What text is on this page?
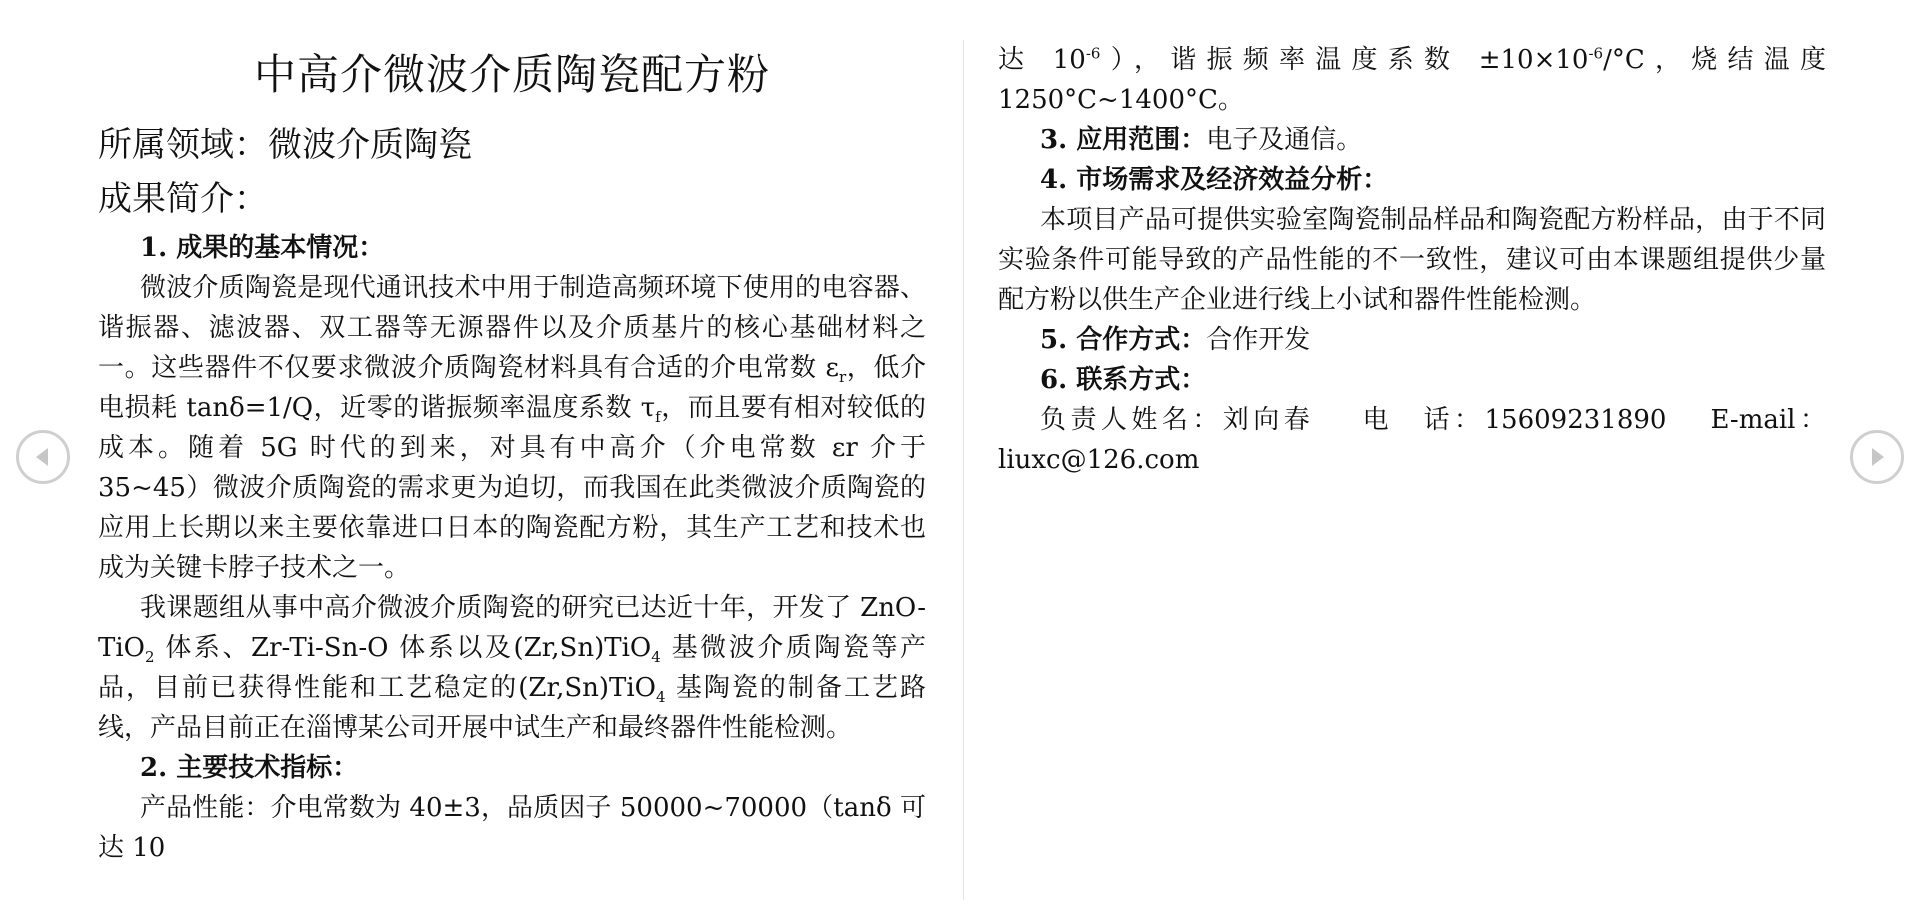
中高介微波介质陶瓷配方粉
所属领域：微波介质陶瓷
成果简介：
1. 成果的基本情况：

微波介质陶瓷是现代通讯技术中用于制造高频环境下使用的电容器、谐振器、滤波器、双工器等无源器件以及介质基片的核心基础材料之一。这些器件不仅要求微波介质陶瓷材料具有合适的介电常数 $\varepsilon_r$，低介电损耗 tanδ=1/Q，近零的谐振频率温度系数 $\tau_f$，而且要有相对较低的成本。随着 5G 时代的到来，对具有中高介（介电常数 εr 介于 35~45）微波介质陶瓷的需求更为迫切，而我国在此类微波介质陶瓷的应用上长期以来主要依靠进口日本的陶瓷配方粉，其生产工艺和技术也成为关键卡脖子技术之一。

我课题组从事中高介微波介质陶瓷的研究已达近十年，开发了 ZnO-TiO$_2$ 体系、Zr-Ti-Sn-O 体系以及(Zr,Sn)TiO$_4$ 基微波介质陶瓷等产品，目前已获得性能和工艺稳定的(Zr,Sn)TiO$_4$ 基陶瓷的制备工艺路线，产品目前正在淄博某公司开展中试生产和最终器件性能检测。

2. 主要技术指标：

产品性能：介电常数为 40±3，品质因子 50000~70000（tanδ 可达 10

达 $10^{-6}$），谐振频率温度系数 $\pm 10\times 10^{-6}/^\circ C$，烧结温度 1250°C~1400°C。

3. 应用范围：电子及通信。
4. 市场需求及经济效益分析：

本项目产品可提供实验室陶瓷制品样品和陶瓷配方粉样品，由于不同实验条件可能导致的产品性能的不一致性，建议可由本课题组提供少量配方粉以供生产企业进行线上小试和器件性能检测。

5. 合作方式：合作开发
6. 联系方式：

负责人姓名：刘向春 电　话：15609231890 E-mail： liuxc@126.com
